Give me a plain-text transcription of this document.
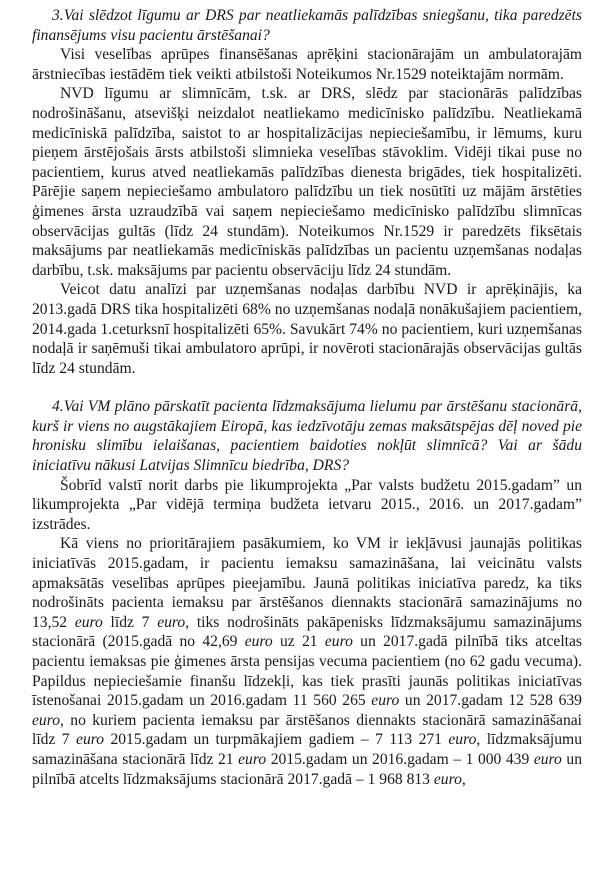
3.Vai slēdzot līgumu ar DRS par neatliekamās palīdzības sniegšanu, tika paredzēts finansējums visu pacientu ārstēšanai?

Visi veselības aprūpes finansēšanas aprēķini stacionārajām un ambulatorajām ārstniecības iestādēm tiek veikti atbilstoši Noteikumos Nr.1529 noteiktajām normām.

NVD līgumu ar slimnīcām, t.sk. ar DRS, slēdz par stacionārās palīdzības nodrošināšanu, atsevišķi neizdalot neatliekamo medicīnisko palīdzību. Neatliekamā medicīniskā palīdzība, saistot to ar hospitalizācijas nepieciešamību, ir lēmums, kuru pieņem ārstējošais ārsts atbilstoši slimnieka veselības stāvoklim. Vidēji tikai puse no pacientiem, kurus atved neatliekamās palīdzības dienesta brigādes, tiek hospitalizēti. Pārējie saņem nepieciešamo ambulatoro palīdzību un tiek nosūtīti uz mājām ārstēties ģimenes ārsta uzraudzībā vai saņem nepieciešamo medicīnisko palīdzību slimnīcas observācijas gultās (līdz 24 stundām). Noteikumos Nr.1529 ir paredzēts fiksētais maksājums par neatliekamās medicīniskās palīdzības un pacientu uzņemšanas nodaļas darbību, t.sk. maksājums par pacientu observāciju līdz 24 stundām.

Veicot datu analīzi par uzņemšanas nodaļas darbību NVD ir aprēķinājis, ka 2013.gadā DRS tika hospitalizēti 68% no uzņemšanas nodaļā nonākušajiem pacientiem, 2014.gada 1.ceturksnī hospitalizēti 65%. Savukārt 74% no pacientiem, kuri uzņemšanas nodaļā ir saņēmuši tikai ambulatoro aprūpi, ir novēroti stacionārajās observācijas gultās līdz 24 stundām.

4.Vai VM plāno pārskatīt pacienta līdzmaksājuma lielumu par ārstēšanu stacionārā, kurš ir viens no augstākajiem Eiropā, kas iedzīvotāju zemas maksātspējas dēļ noved pie hronisku slimību ielaišanas, pacientiem baidoties nokļūt slimnīcā? Vai ar šādu iniciatīvu nākusi Latvijas Slimnīcu biedrība, DRS?

Šobrīd valstī norit darbs pie likumprojekta „Par valsts budžetu 2015.gadam” un likumprojekta „Par vidējā termiņa budžeta ietvaru 2015., 2016. un 2017.gadam” izstrādes.

Kā viens no prioritārajiem pasākumiem, ko VM ir iekļāvusi jaunajās politikas iniciatīvās 2015.gadam, ir pacientu iemaksu samazināšana, lai veicinātu valsts apmaksātās veselības aprūpes pieejamību. Jaunā politikas iniciatīva paredz, ka tiks nodrošināts pacienta iemaksu par ārstēšanos diennakts stacionārā samazinājums no 13,52 euro līdz 7 euro, tiks nodrošināts pakāpenisks līdzmaksājumu samazinājums stacionārā (2015.gadā no 42,69 euro uz 21 euro un 2017.gadā pilnībā tiks atceltas pacientu iemaksas pie ģimenes ārsta pensijas vecuma pacientiem (no 62 gadu vecuma). Papildus nepieciešamie finanšu līdzekļi, kas tiek prasīti jaunās politikas iniciatīvas īstenošanai 2015.gadam un 2016.gadam 11 560 265 euro un 2017.gadam 12 528 639 euro, no kuriem pacienta iemaksu par ārstēšanos diennakts stacionārā samazināšanai līdz 7 euro 2015.gadam un turpmākajiem gadiem – 7 113 271 euro, līdzmaksājumu samazināšana stacionārā līdz 21 euro 2015.gadam un 2016.gadam – 1 000 439 euro un pilnībā atcelts līdzmaksājums stacionārā 2017.gadā – 1 968 813 euro,
